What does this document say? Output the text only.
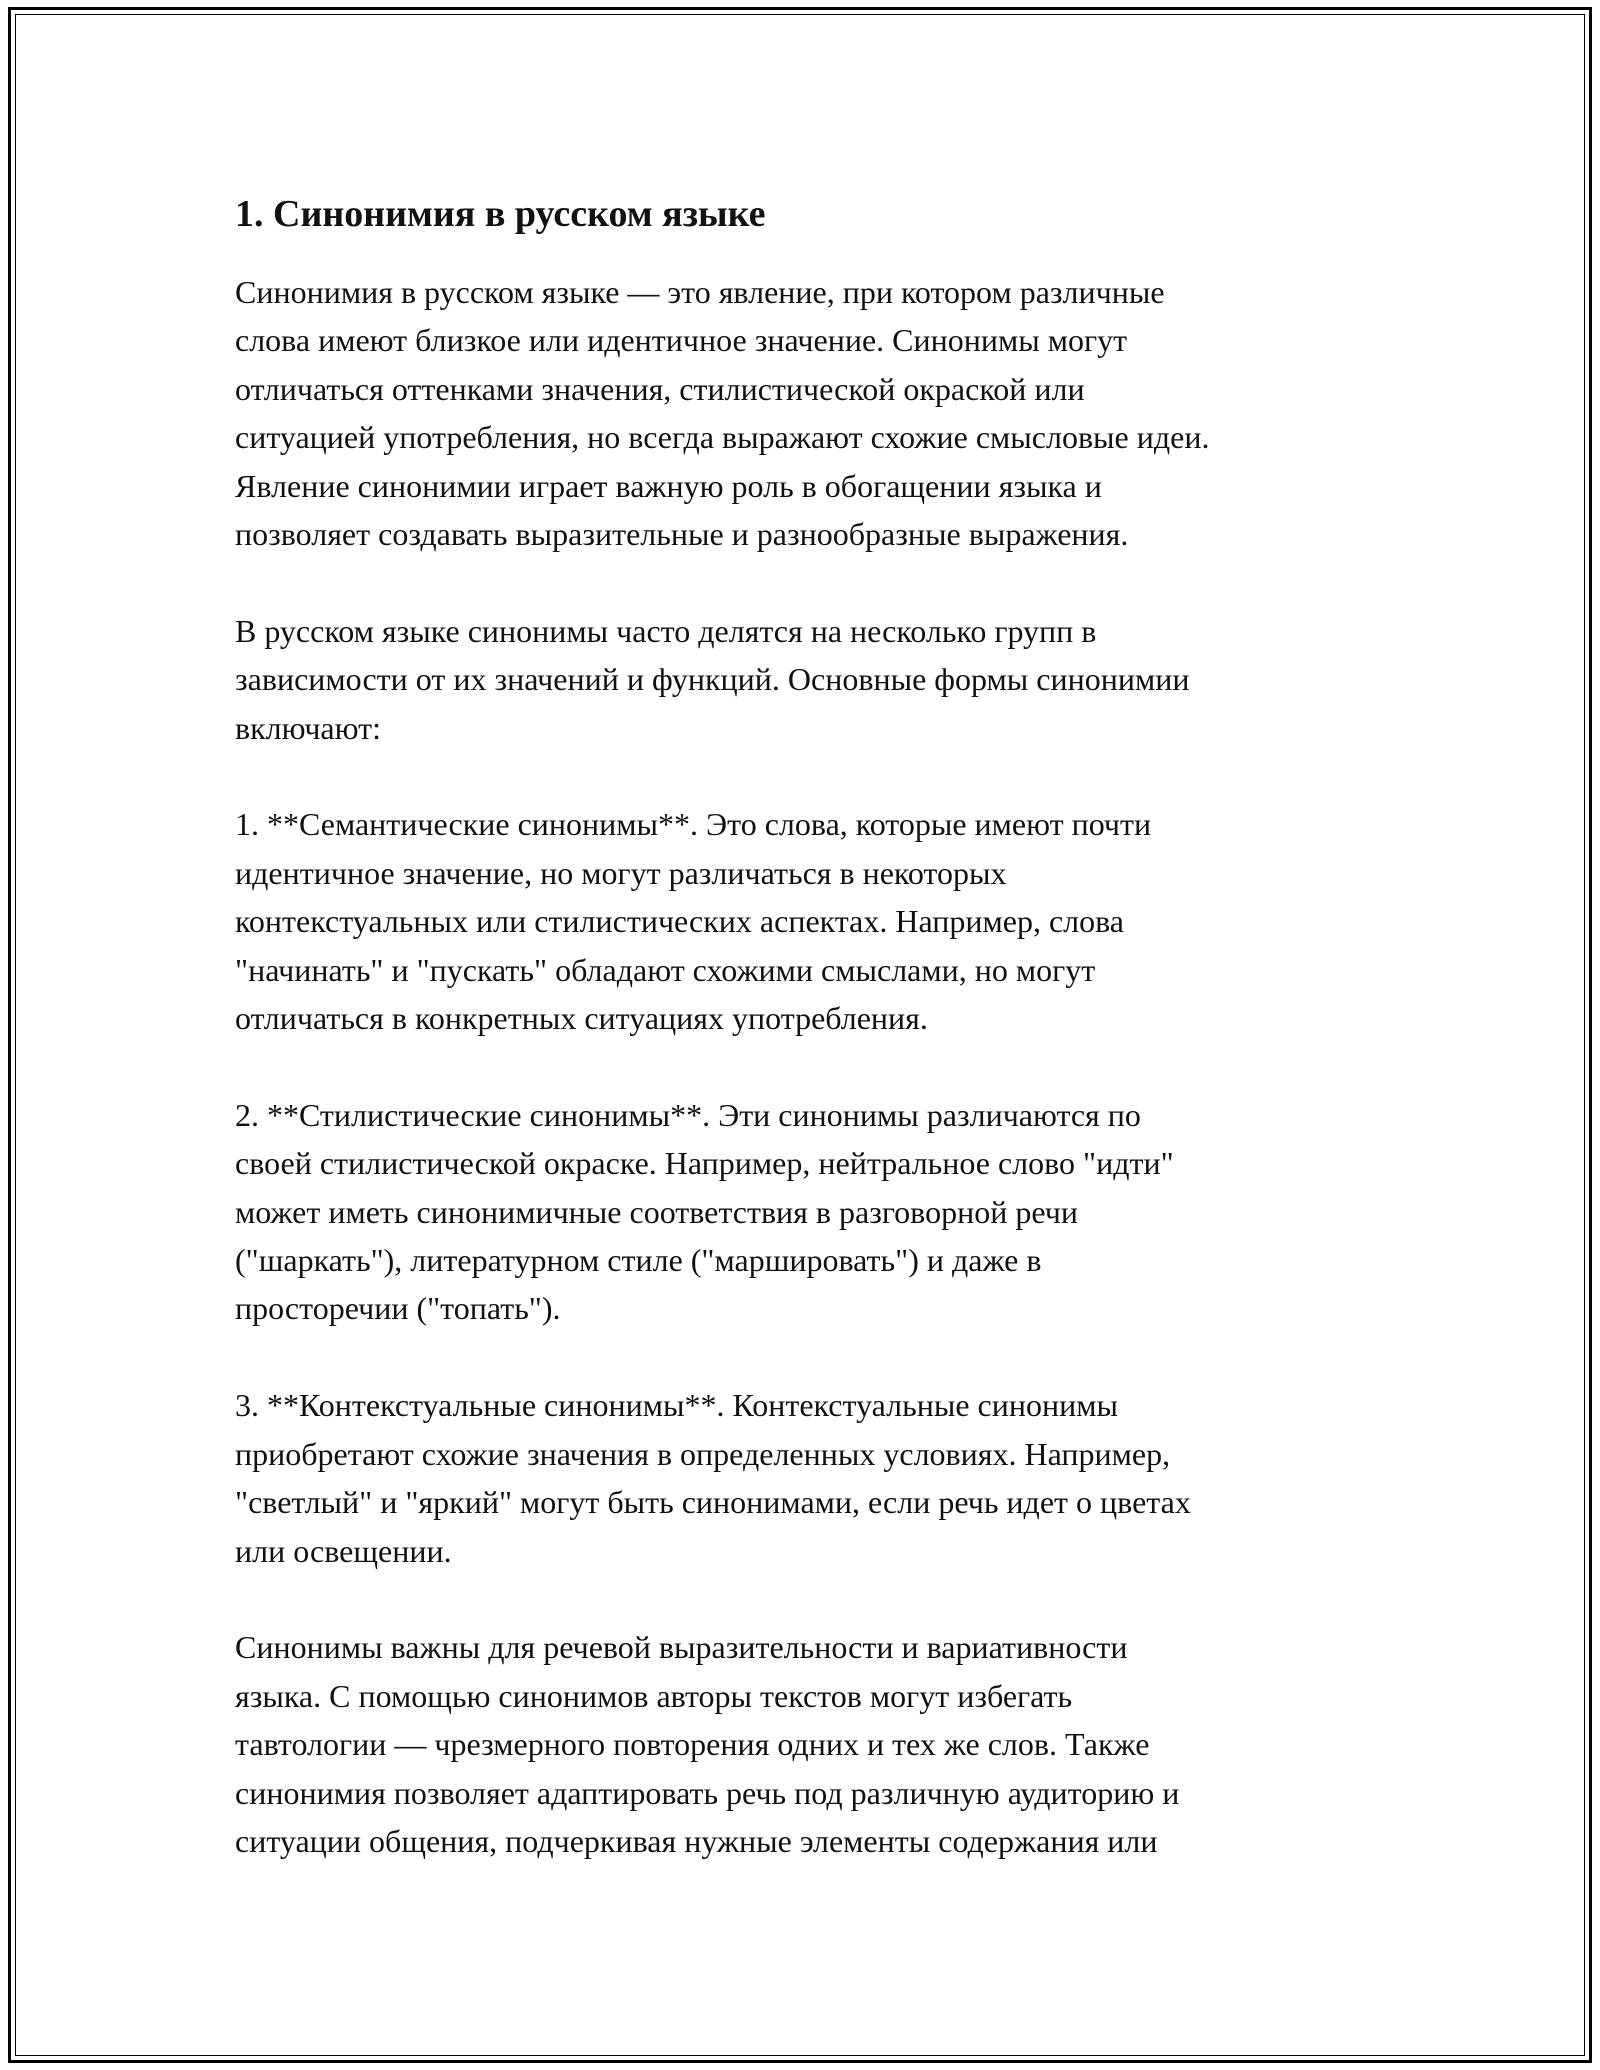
1. Синонимия в русском языке

Синонимия в русском языке — это явление, при котором различные
слова имеют близкое или идентичное значение. Синонимы могут
отличаться оттенками значения, стилистической окраской или
ситуацией употребления, но всегда выражают схожие смысловые идеи.
Явление синонимии играет важную роль в обогащении языка и
позволяет создавать выразительные и разнообразные выражения.

В русском языке синонимы часто делятся на несколько групп в
зависимости от их значений и функций. Основные формы синонимии
включают:

1. **Семантические синонимы**. Это слова, которые имеют почти
идентичное значение, но могут различаться в некоторых
контекстуальных или стилистических аспектах. Например, слова
"начинать" и "пускать" обладают схожими смыслами, но могут
отличаться в конкретных ситуациях употребления.

2. **Стилистические синонимы**. Эти синонимы различаются по
своей стилистической окраске. Например, нейтральное слово "идти"
может иметь синонимичные соответствия в разговорной речи
("шаркать"), литературном стиле ("маршировать") и даже в
просторечии ("топать").

3. **Контекстуальные синонимы**. Контекстуальные синонимы
приобретают схожие значения в определенных условиях. Например,
"светлый" и "яркий" могут быть синонимами, если речь идет о цветах
или освещении.

Синонимы важны для речевой выразительности и вариативности
языка. С помощью синонимов авторы текстов могут избегать
тавтологии — чрезмерного повторения одних и тех же слов. Также
синонимия позволяет адаптировать речь под различную аудиторию и
ситуации общения, подчеркивая нужные элементы содержания или
